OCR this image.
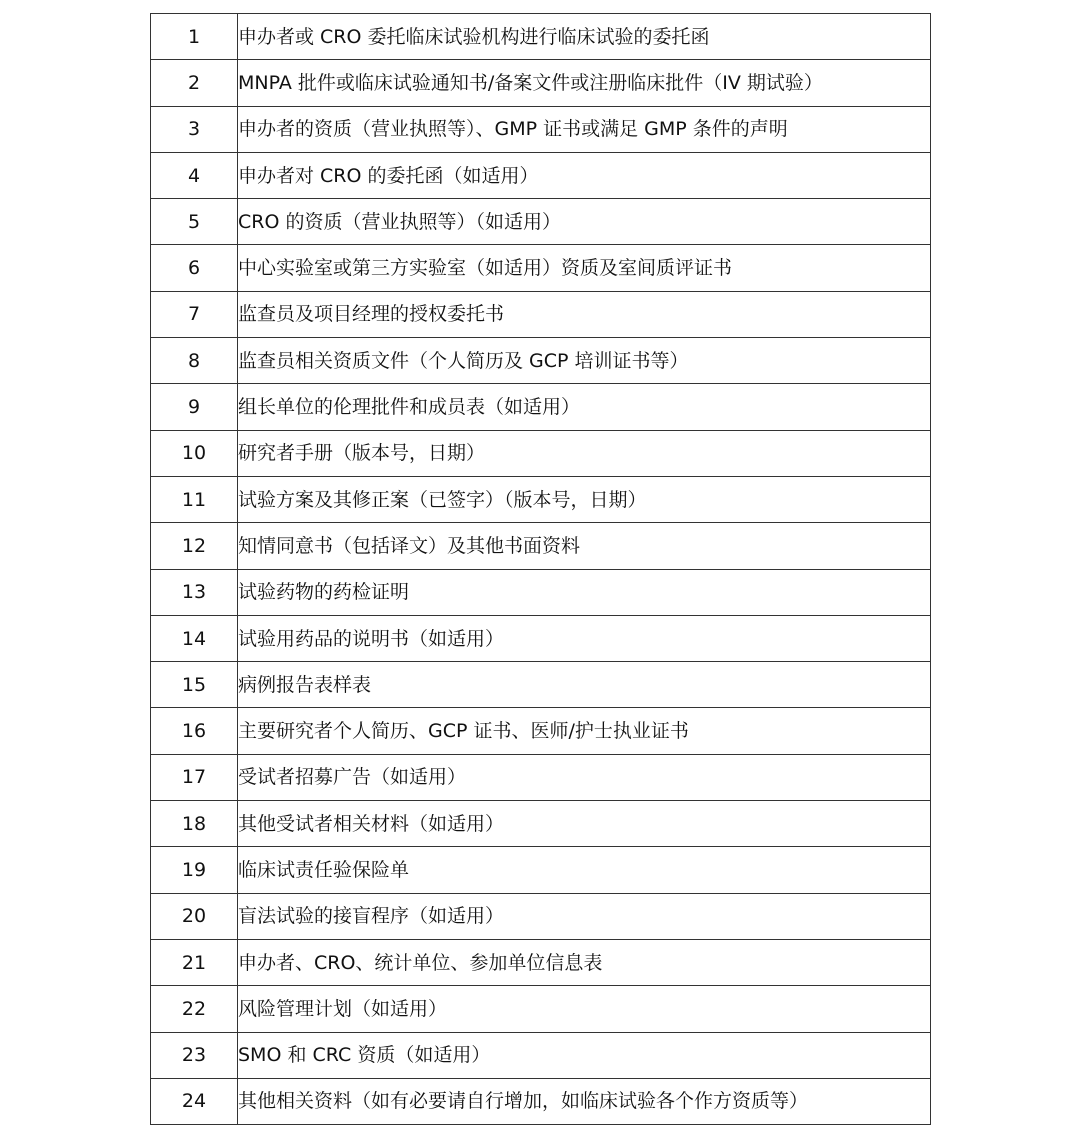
1	申办者或 CRO 委托临床试验机构进行临床试验的委托函
2	MNPA 批件或临床试验通知书/备案文件或注册临床批件（IV 期试验）
3	申办者的资质（营业执照等）、GMP 证书或满足 GMP 条件的声明
4	申办者对 CRO 的委托函（如适用）
5	CRO 的资质（营业执照等）（如适用）
6	中心实验室或第三方实验室（如适用）资质及室间质评证书
7	监查员及项目经理的授权委托书
8	监查员相关资质文件（个人简历及 GCP 培训证书等）
9	组长单位的伦理批件和成员表（如适用）
10	研究者手册（版本号，日期）
11	试验方案及其修正案（已签字）（版本号，日期）
12	知情同意书（包括译文）及其他书面资料
13	试验药物的药检证明
14	试验用药品的说明书（如适用）
15	病例报告表样表
16	主要研究者个人简历、GCP 证书、医师/护士执业证书
17	受试者招募广告（如适用）
18	其他受试者相关材料（如适用）
19	临床试责任验保险单
20	盲法试验的接盲程序（如适用）
21	申办者、CRO、统计单位、参加单位信息表
22	风险管理计划（如适用）
23	SMO 和 CRC 资质（如适用）
24	其他相关资料（如有必要请自行增加，如临床试验各个作方资质等）
